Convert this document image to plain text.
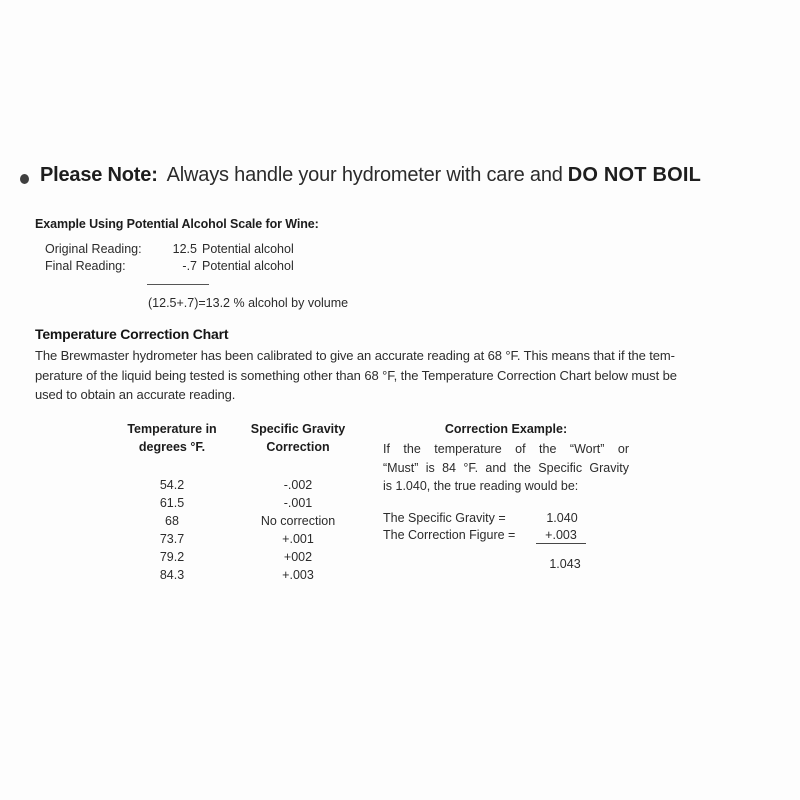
Please Note: Always handle your hydrometer with care and DO NOT BOIL
Example Using Potential Alcohol Scale for Wine:
Original Reading:	12.5 Potential alcohol
Final Reading:	-.7 Potential alcohol
(12.5+.7)=13.2 % alcohol by volume
Temperature Correction Chart
The Brewmaster hydrometer has been calibrated to give an accurate reading at 68 °F. This means that if the tem-
perature of the liquid being tested is something other than 68 °F, the Temperature Correction Chart below must be
used to obtain an accurate reading.
Temperature in
degrees °F.
Specific Gravity
Correction
54.2	-.002
61.5	-.001
68	No correction
73.7	+.001
79.2	+002
84.3	+.003
Correction Example:
If the temperature of the “Wort” or
“Must” is 84 °F. and the Specific Gravity
is 1.040, the true reading would be:
The Specific Gravity =	1.040
The Correction Figure =	+.003
1.043
